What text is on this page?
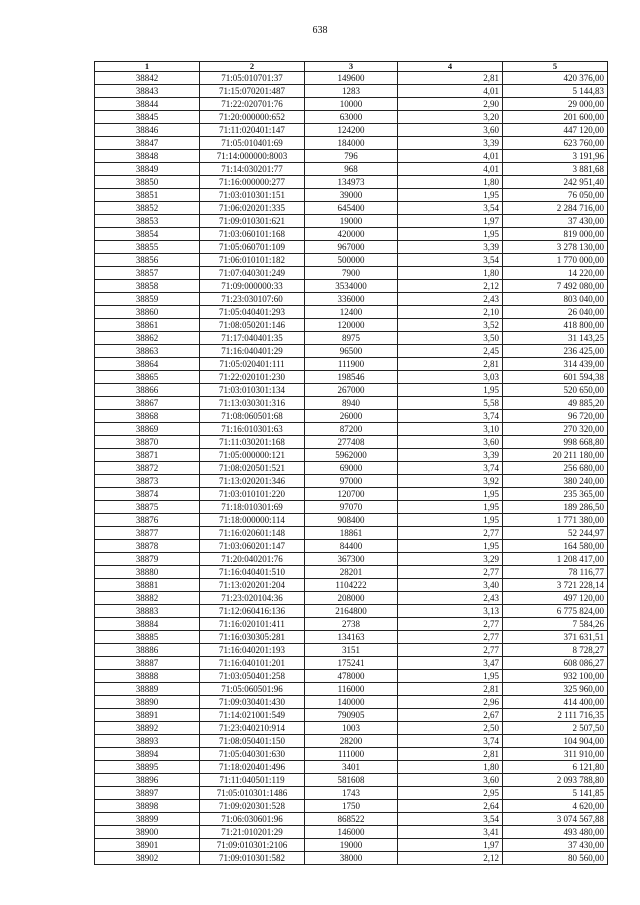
638
1	2	3	4	5
38842	71:05:010701:37	149600	2,81	420 376,00
38843	71:15:070201:487	1283	4,01	5 144,83
38844	71:22:020701:76	10000	2,90	29 000,00
38845	71:20:000000:652	63000	3,20	201 600,00
38846	71:11:020401:147	124200	3,60	447 120,00
38847	71:05:010401:69	184000	3,39	623 760,00
38848	71:14:000000:8003	796	4,01	3 191,96
38849	71:14:030201:77	968	4,01	3 881,68
38850	71:16:000000:277	134973	1,80	242 951,40
38851	71:03:010301:151	39000	1,95	76 050,00
38852	71:06:020201:335	645400	3,54	2 284 716,00
38853	71:09:010301:621	19000	1,97	37 430,00
38854	71:03:060101:168	420000	1,95	819 000,00
38855	71:05:060701:109	967000	3,39	3 278 130,00
38856	71:06:010101:182	500000	3,54	1 770 000,00
38857	71:07:040301:249	7900	1,80	14 220,00
38858	71:09:000000:33	3534000	2,12	7 492 080,00
38859	71:23:030107:60	336000	2,43	803 040,00
38860	71:05:040401:293	12400	2,10	26 040,00
38861	71:08:050201:146	120000	3,52	418 800,00
38862	71:17:040401:35	8975	3,50	31 143,25
38863	71:16:040401:29	96500	2,45	236 425,00
38864	71:05:020401:111	111900	2,81	314 439,00
38865	71:22:020101:230	198546	3,03	601 594,38
38866	71:03:010301:134	267000	1,95	520 650,00
38867	71:13:030301:316	8940	5,58	49 885,20
38868	71:08:060501:68	26000	3,74	96 720,00
38869	71:16:010301:63	87200	3,10	270 320,00
38870	71:11:030201:168	277408	3,60	998 668,80
38871	71:05:000000:121	5962000	3,39	20 211 180,00
38872	71:08:020501:521	69000	3,74	256 680,00
38873	71:13:020201:346	97000	3,92	380 240,00
38874	71:03:010101:220	120700	1,95	235 365,00
38875	71:18:010301:69	97070	1,95	189 286,50
38876	71:18:000000:114	908400	1,95	1 771 380,00
38877	71:16:020601:148	18861	2,77	52 244,97
38878	71:03:060201:147	84400	1,95	164 580,00
38879	71:20:040201:76	367300	3,29	1 208 417,00
38880	71:16:040401:510	28201	2,77	78 116,77
38881	71:13:020201:204	1104222	3,40	3 721 228,14
38882	71:23:020104:36	208000	2,43	497 120,00
38883	71:12:060416:136	2164800	3,13	6 775 824,00
38884	71:16:020101:411	2738	2,77	7 584,26
38885	71:16:030305:281	134163	2,77	371 631,51
38886	71:16:040201:193	3151	2,77	8 728,27
38887	71:16:040101:201	175241	3,47	608 086,27
38888	71:03:050401:258	478000	1,95	932 100,00
38889	71:05:060501:96	116000	2,81	325 960,00
38890	71:09:030401:430	140000	2,96	414 400,00
38891	71:14:021001:549	790905	2,67	2 111 716,35
38892	71:23:040210:914	1003	2,50	2 507,50
38893	71:08:050401:150	28200	3,74	104 904,00
38894	71:05:040301:630	111000	2,81	311 910,00
38895	71:18:020401:496	3401	1,80	6 121,80
38896	71:11:040501:119	581608	3,60	2 093 788,80
38897	71:05:010301:1486	1743	2,95	5 141,85
38898	71:09:020301:528	1750	2,64	4 620,00
38899	71:06:030601:96	868522	3,54	3 074 567,88
38900	71:21:010201:29	146000	3,41	493 480,00
38901	71:09:010301:2106	19000	1,97	37 430,00
38902	71:09:010301:582	38000	2,12	80 560,00
